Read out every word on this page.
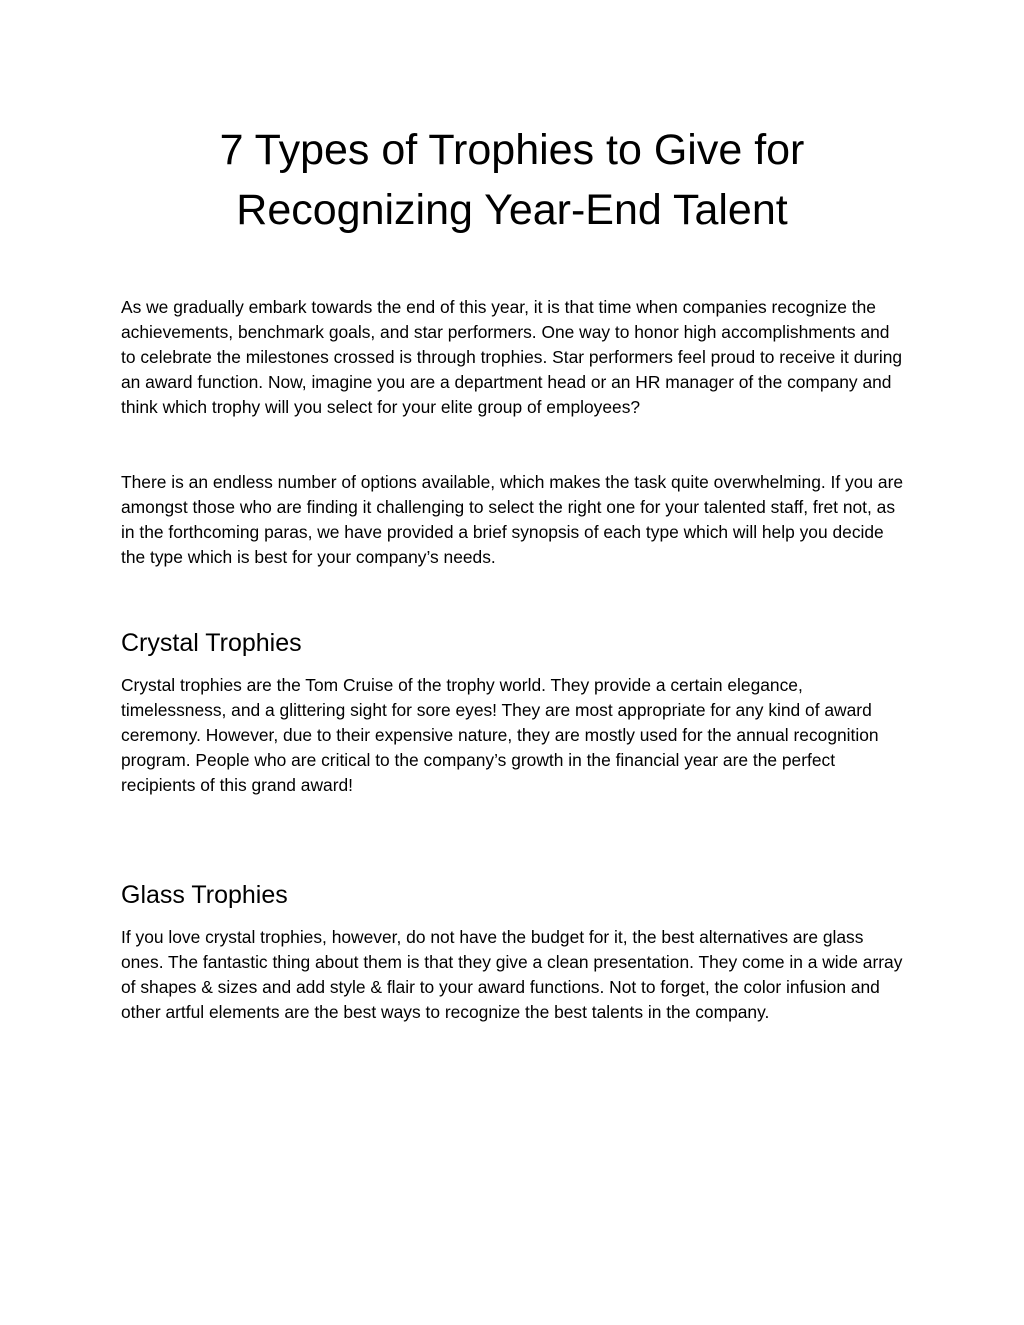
7 Types of Trophies to Give for
Recognizing Year-End Talent

As we gradually embark towards the end of this year, it is that time when companies recognize the achievements, benchmark goals, and star performers. One way to honor high accomplishments and to celebrate the milestones crossed is through trophies. Star performers feel proud to receive it during an award function. Now, imagine you are a department head or an HR manager of the company and think which trophy will you select for your elite group of employees?

There is an endless number of options available, which makes the task quite overwhelming. If you are amongst those who are finding it challenging to select the right one for your talented staff, fret not, as in the forthcoming paras, we have provided a brief synopsis of each type which will help you decide the type which is best for your company’s needs.

Crystal Trophies

Crystal trophies are the Tom Cruise of the trophy world. They provide a certain elegance, timelessness, and a glittering sight for sore eyes! They are most appropriate for any kind of award ceremony. However, due to their expensive nature, they are mostly used for the annual recognition program. People who are critical to the company’s growth in the financial year are the perfect recipients of this grand award!

Glass Trophies

If you love crystal trophies, however, do not have the budget for it, the best alternatives are glass ones. The fantastic thing about them is that they give a clean presentation. They come in a wide array of shapes & sizes and add style & flair to your award functions. Not to forget, the color infusion and other artful elements are the best ways to recognize the best talents in the company.
